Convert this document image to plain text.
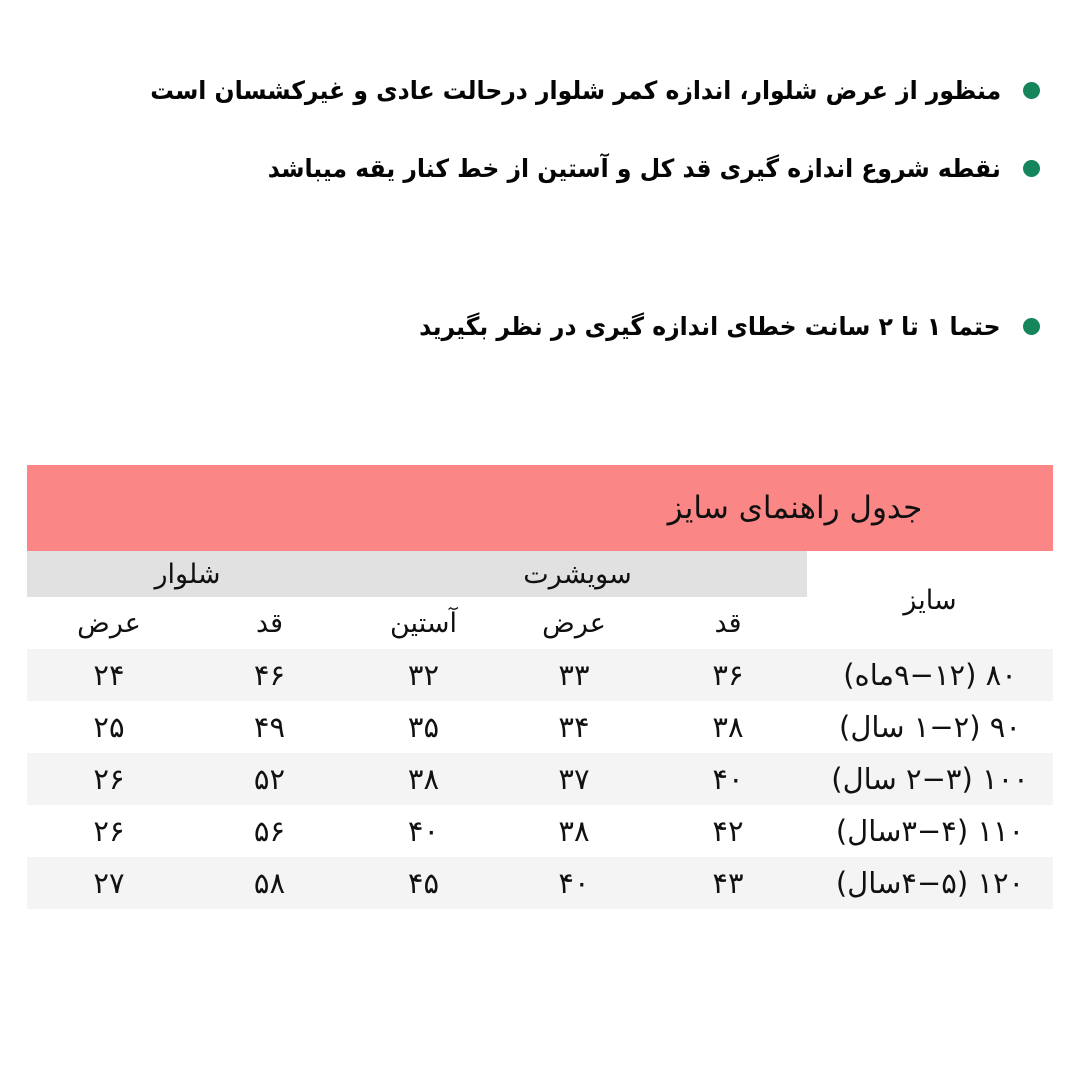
منظور از عرض شلوار، اندازه کمر شلوار درحالت عادی و غیرکشسان است
نقطه شروع اندازه گیری قد کل و آستین از خط کنار یقه میباشد
حتما ۱ تا ۲ سانت خطای اندازه گیری در نظر بگیرید
جدول راهنمای سایز					

سایز	سویشرت			شلوار	
	قد	عرض	آستین	قد	عرض
۸۰ (۹−۱۲ماه)	۳۶	۳۳	۳۲	۴۶	۲۴
۹۰ (۱−۲ سال)	۳۸	۳۴	۳۵	۴۹	۲۵
۱۰۰ (۲−۳ سال)	۴۰	۳۷	۳۸	۵۲	۲۶
۱۱۰ (۳−۴سال)	۴۲	۳۸	۴۰	۵۶	۲۶
۱۲۰ (۴−۵سال)	۴۳	۴۰	۴۵	۵۸	۲۷
